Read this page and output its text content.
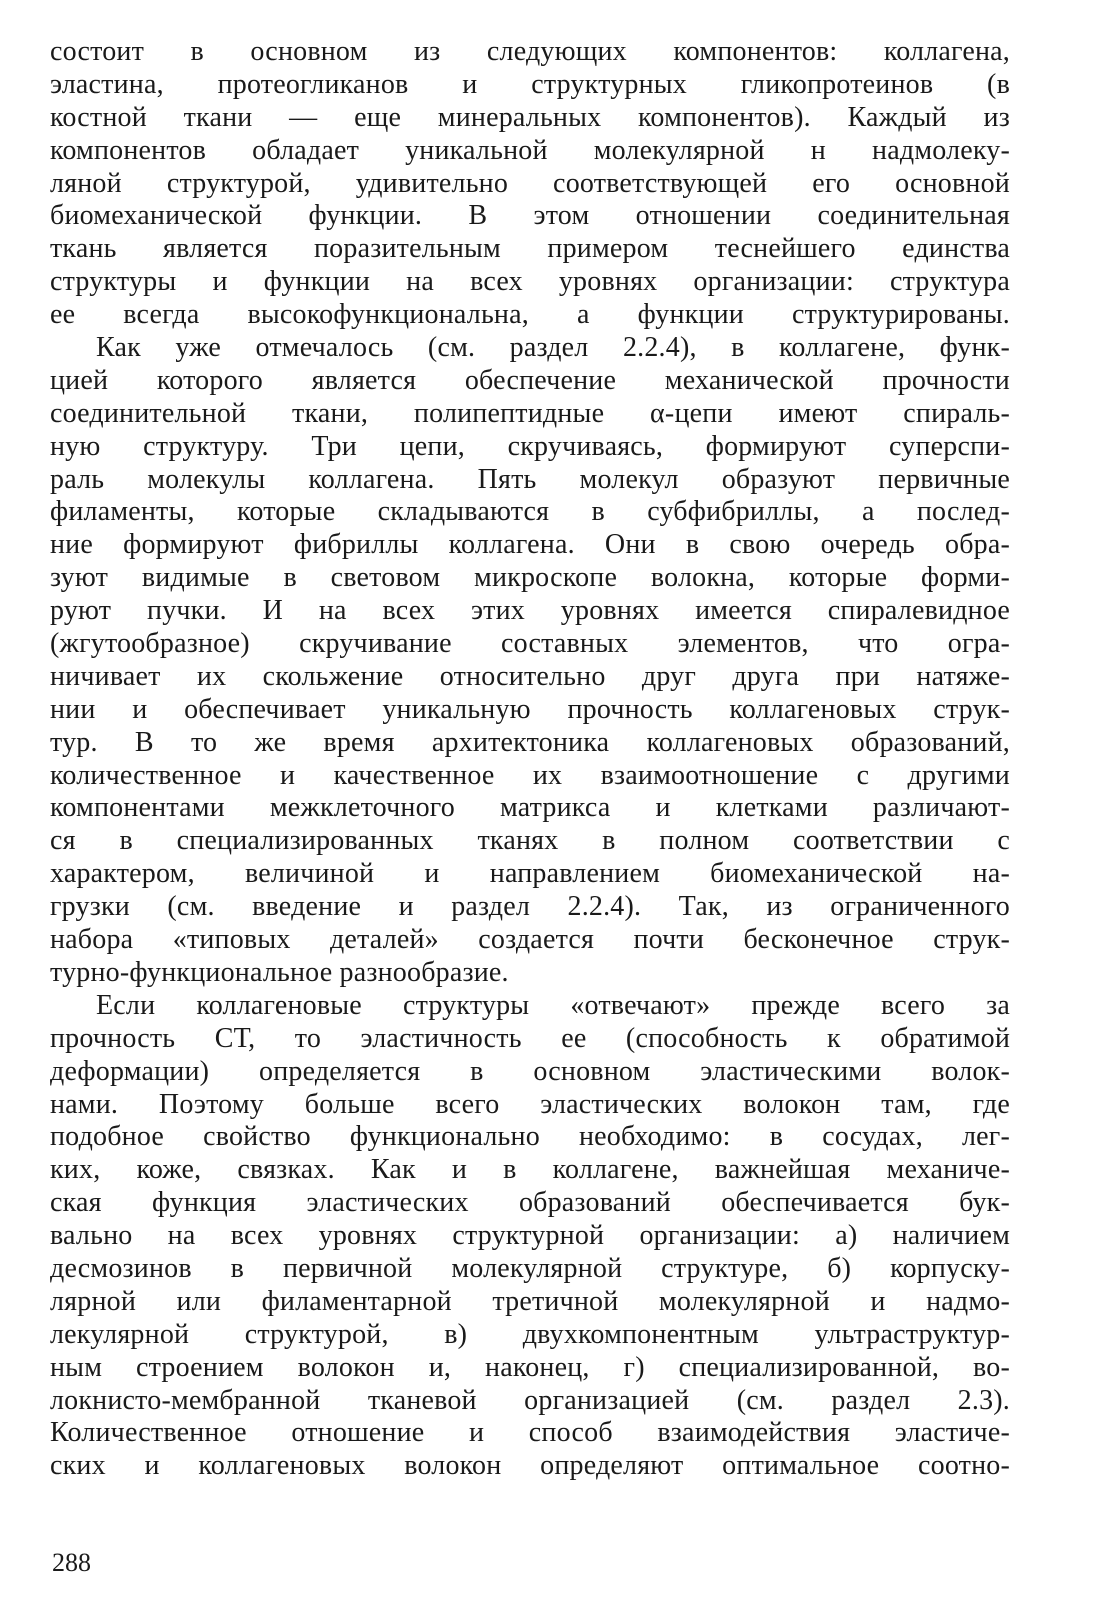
состоит в основном из следующих компонентов: коллагена,
эластина, протеогликанов и структурных гликопротеинов (в
костной ткани — еще минеральных компонентов). Каждый из
компонентов обладает уникальной молекулярной н надмолеку-
ляной структурой, удивительно соответствующей его основной
биомеханической функции. В этом отношении соединительная
ткань является поразительным примером теснейшего единства
структуры и функции на всех уровнях организации: структура
ее всегда высокофункциональна, а функции структурированы.
Как уже отмечалось (см. раздел 2.2.4), в коллагене, функ-
цией которого является обеспечение механической прочности
соединительной ткани, полипептидные α-цепи имеют спираль-
ную структуру. Три цепи, скручиваясь, формируют суперспи-
раль молекулы коллагена. Пять молекул образуют первичные
филаменты, которые складываются в субфибриллы, а послед-
ние формируют фибриллы коллагена. Они в свою очередь обра-
зуют видимые в световом микроскопе волокна, которые форми-
руют пучки. И на всех этих уровнях имеется спиралевидное
(жгутообразное) скручивание составных элементов, что огра-
ничивает их скольжение относительно друг друга при натяже-
нии и обеспечивает уникальную прочность коллагеновых струк-
тур. В то же время архитектоника коллагеновых образований,
количественное и качественное их взаимоотношение с другими
компонентами межклеточного матрикса и клетками различают-
ся в специализированных тканях в полном соответствии с
характером, величиной и направлением биомеханической на-
грузки (см. введение и раздел 2.2.4). Так, из ограниченного
набора «типовых деталей» создается почти бесконечное струк-
турно-функциональное разнообразие.
Если коллагеновые структуры «отвечают» прежде всего за
прочность СТ, то эластичность ее (способность к обратимой
деформации) определяется в основном эластическими волок-
нами. Поэтому больше всего эластических волокон там, где
подобное свойство функционально необходимо: в сосудах, лег-
ких, коже, связках. Как и в коллагене, важнейшая механиче-
ская функция эластических образований обеспечивается бук-
вально на всех уровнях структурной организации: а) наличием
десмозинов в первичной молекулярной структуре, б) корпуску-
лярной или филаментарной третичной молекулярной и надмо-
лекулярной структурой, в) двухкомпонентным ультраструктур-
ным строением волокон и, наконец, г) специализированной, во-
локнисто-мембранной тканевой организацией (см. раздел 2.3).
Количественное отношение и способ взаимодействия эластиче-
ских и коллагеновых волокон определяют оптимальное соотно-
288
